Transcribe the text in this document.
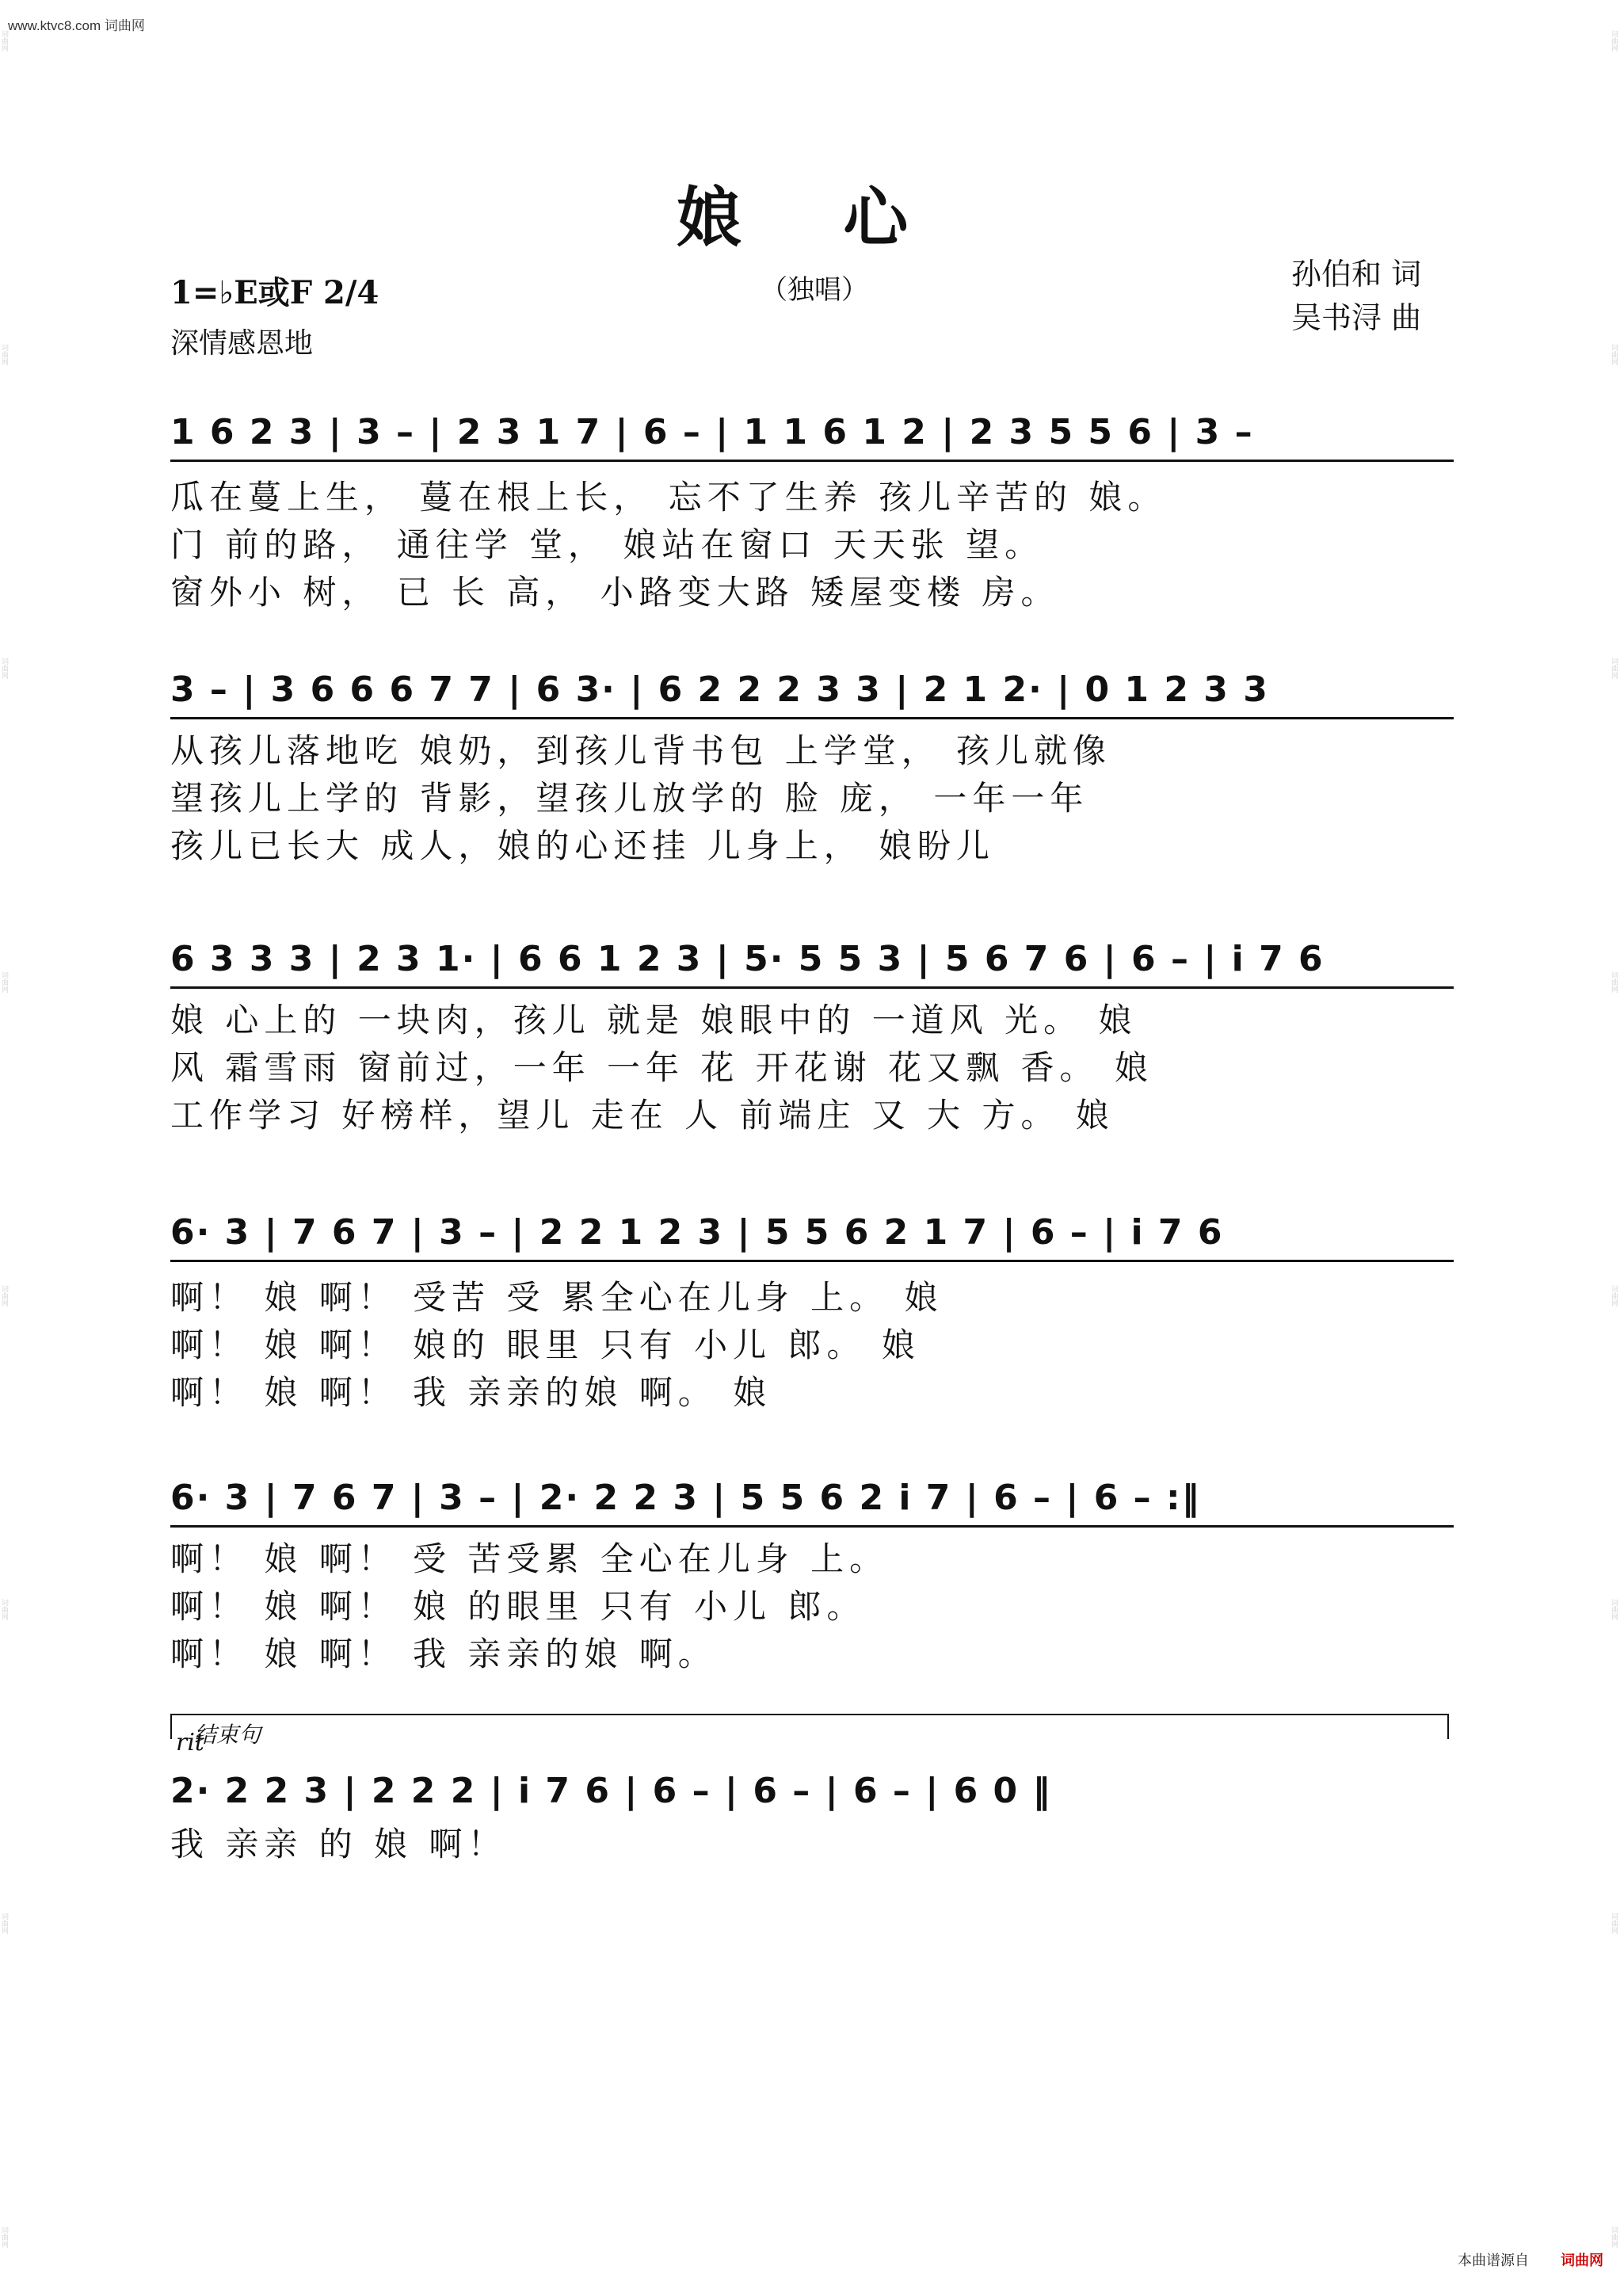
www.ktvc8.com 词曲网
词曲网
词曲网
词曲网
词曲网
词曲网
词曲网
词曲网
词曲网
词曲网
词曲网
词曲网
词曲网
词曲网
词曲网
词曲网
词曲网
娘 心
（独唱）
1=♭E或F 2/4
深情感恩地
孙伯和 词
吴书浔 曲
1 6 2 3 | 3 – | 2 3 1 7 | 6 – | 1 1 6 1 2 | 2 3 5 5 6 | 3 –
瓜在蔓上生， 蔓在根上长， 忘不了生养 孩儿辛苦的 娘。
门 前的路， 通往学 堂， 娘站在窗口 天天张 望。
窗外小 树， 已 长 高， 小路变大路 矮屋变楼 房。
3 – | 3 6 6 6 7 7 | 6 3· | 6 2 2 2 3 3 | 2 1 2· | 0 1 2 3 3
从孩儿落地吃 娘奶，到孩儿背书包 上学堂， 孩儿就像
望孩儿上学的 背影，望孩儿放学的 脸 庞， 一年一年
孩儿已长大 成人，娘的心还挂 儿身上， 娘盼儿
6 3 3 3 | 2 3 1· | 6 6 1 2 3 | 5· 5 5 3 | 5 6 7 6 | 6 – | i 7 6
娘 心上的 一块肉，孩儿 就是 娘眼中的 一道风 光。 娘
风 霜雪雨 窗前过，一年 一年 花 开花谢 花又飘 香。 娘
工作学习 好榜样，望儿 走在 人 前端庄 又 大 方。 娘
6· 3 | 7 6 7 | 3 – | 2 2 1 2 3 | 5 5 6 2 1 7 | 6 – | i 7 6
啊！ 娘 啊！ 受苦 受 累全心在儿身 上。 娘
啊！ 娘 啊！ 娘的 眼里 只有 小儿 郎。 娘
啊！ 娘 啊！ 我 亲亲的娘 啊。 娘
6· 3 | 7 6 7 | 3 – | 2· 2 2 3 | 5 5 6 2 i 7 | 6 – | 6 – :‖
啊！ 娘 啊！ 受 苦受累 全心在儿身 上。
啊！ 娘 啊！ 娘 的眼里 只有 小儿 郎。
啊！ 娘 啊！ 我 亲亲的娘 啊。
结束句
rit
2· 2 2 3 | 2 2 2 | i 7 6 | 6 – | 6 – | 6 – | 6 0 ‖
我 亲亲 的 娘 啊！
本曲谱源自 词曲网
